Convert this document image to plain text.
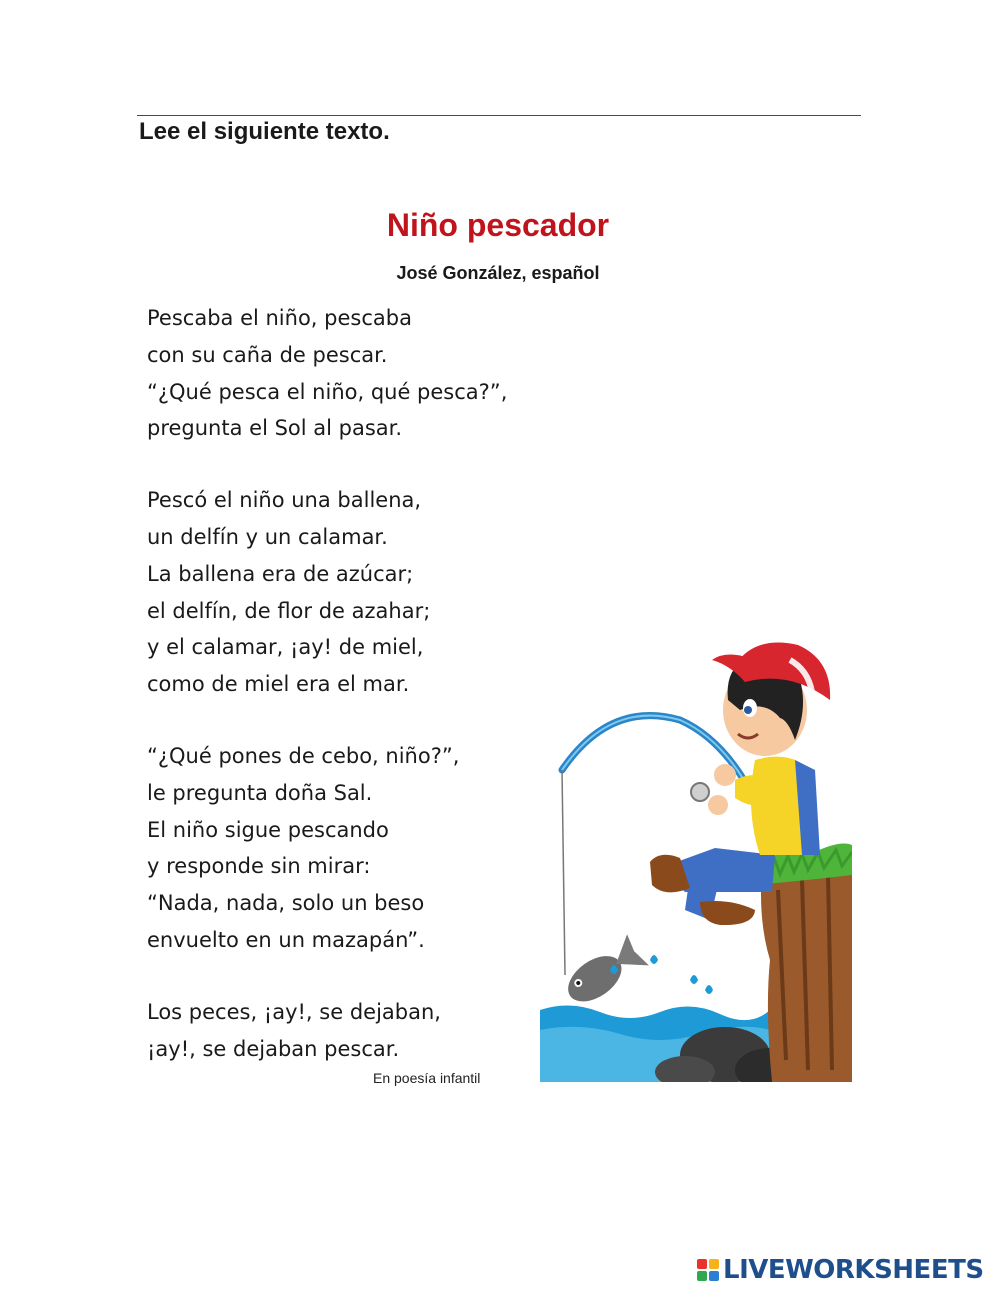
Lee el siguiente texto.

Niño pescador

José González, español

Pescaba el niño, pescaba
con su caña de pescar.
“¿Qué pesca el niño, qué pesca?”,
pregunta el Sol al pasar.
Pescó el niño una ballena,
un delfín y un calamar.
La ballena era de azúcar;
el delfín, de flor de azahar;
y el calamar, ¡ay! de miel,
como de miel era el mar.
“¿Qué pones de cebo, niño?”,
le pregunta doña Sal.
El niño sigue pescando
y responde sin mirar:
“Nada, nada, solo un beso
envuelto en un mazapán”.
Los peces, ¡ay!, se dejaban,
¡ay!, se dejaban pescar.
En poesía infantil
LIVEWORKSHEETS
